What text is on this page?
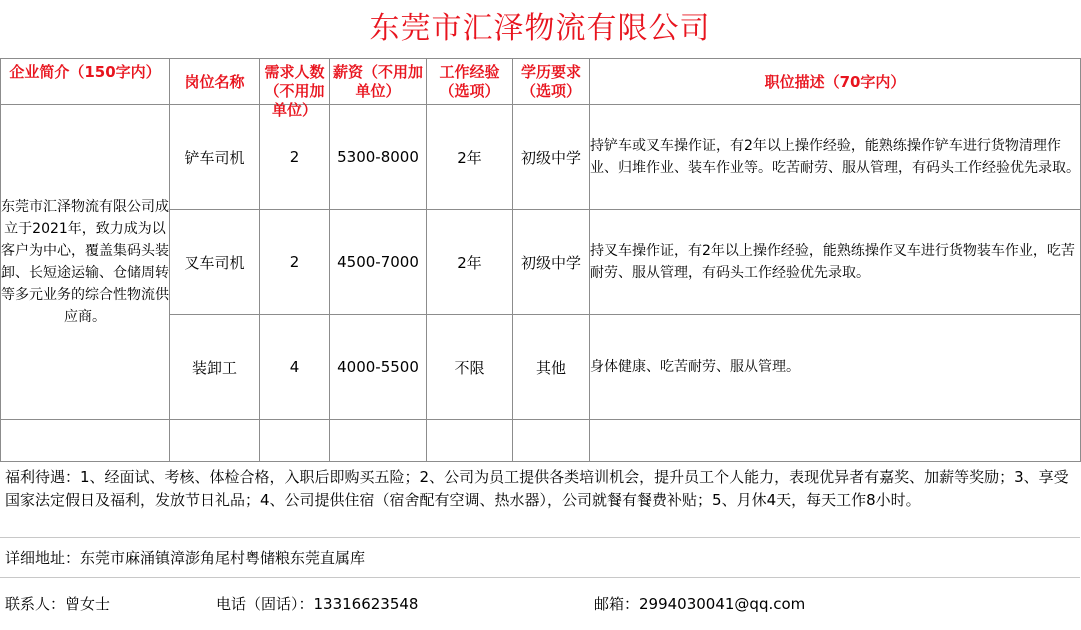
东莞市汇泽物流有限公司
企业简介（150字内）	岗位名称	需求人数（不用加单位）	薪资（不用加单位）	工作经验（选项）	学历要求（选项）	职位描述（70字内）

东莞市汇泽物流有限公司成立于2021年，致力成为以客户为中心，覆盖集码头装卸、长短途运输、仓储周转等多元业务的综合性物流供应商。	铲车司机	2	5300-8000	2年	初级中学	持铲车或叉车操作证，有2年以上操作经验，能熟练操作铲车进行货物清理作业、归堆作业、装车作业等。吃苦耐劳、服从管理，有码头工作经验优先录取。
	叉车司机	2	4500-7000	2年	初级中学	持叉车操作证，有2年以上操作经验，能熟练操作叉车进行货物装车作业，吃苦耐劳、服从管理，有码头工作经验优先录取。
	装卸工	4	4000-5500	不限	其他	身体健康、吃苦耐劳、服从管理。

福利待遇：1、经面试、考核、体检合格，入职后即购买五险；2、公司为员工提供各类培训机会，提升员工个人能力，表现优异者有嘉奖、加薪等奖励；3、享受国家法定假日及福利，发放节日礼品；4、公司提供住宿（宿舍配有空调、热水器），公司就餐有餐费补贴；5、月休4天，每天工作8小时。
详细地址：东莞市麻涌镇漳澎角尾村粤储粮东莞直属库
联系人：曾女士	电话（固话）：13316623548	邮箱：2994030041@qq.com
